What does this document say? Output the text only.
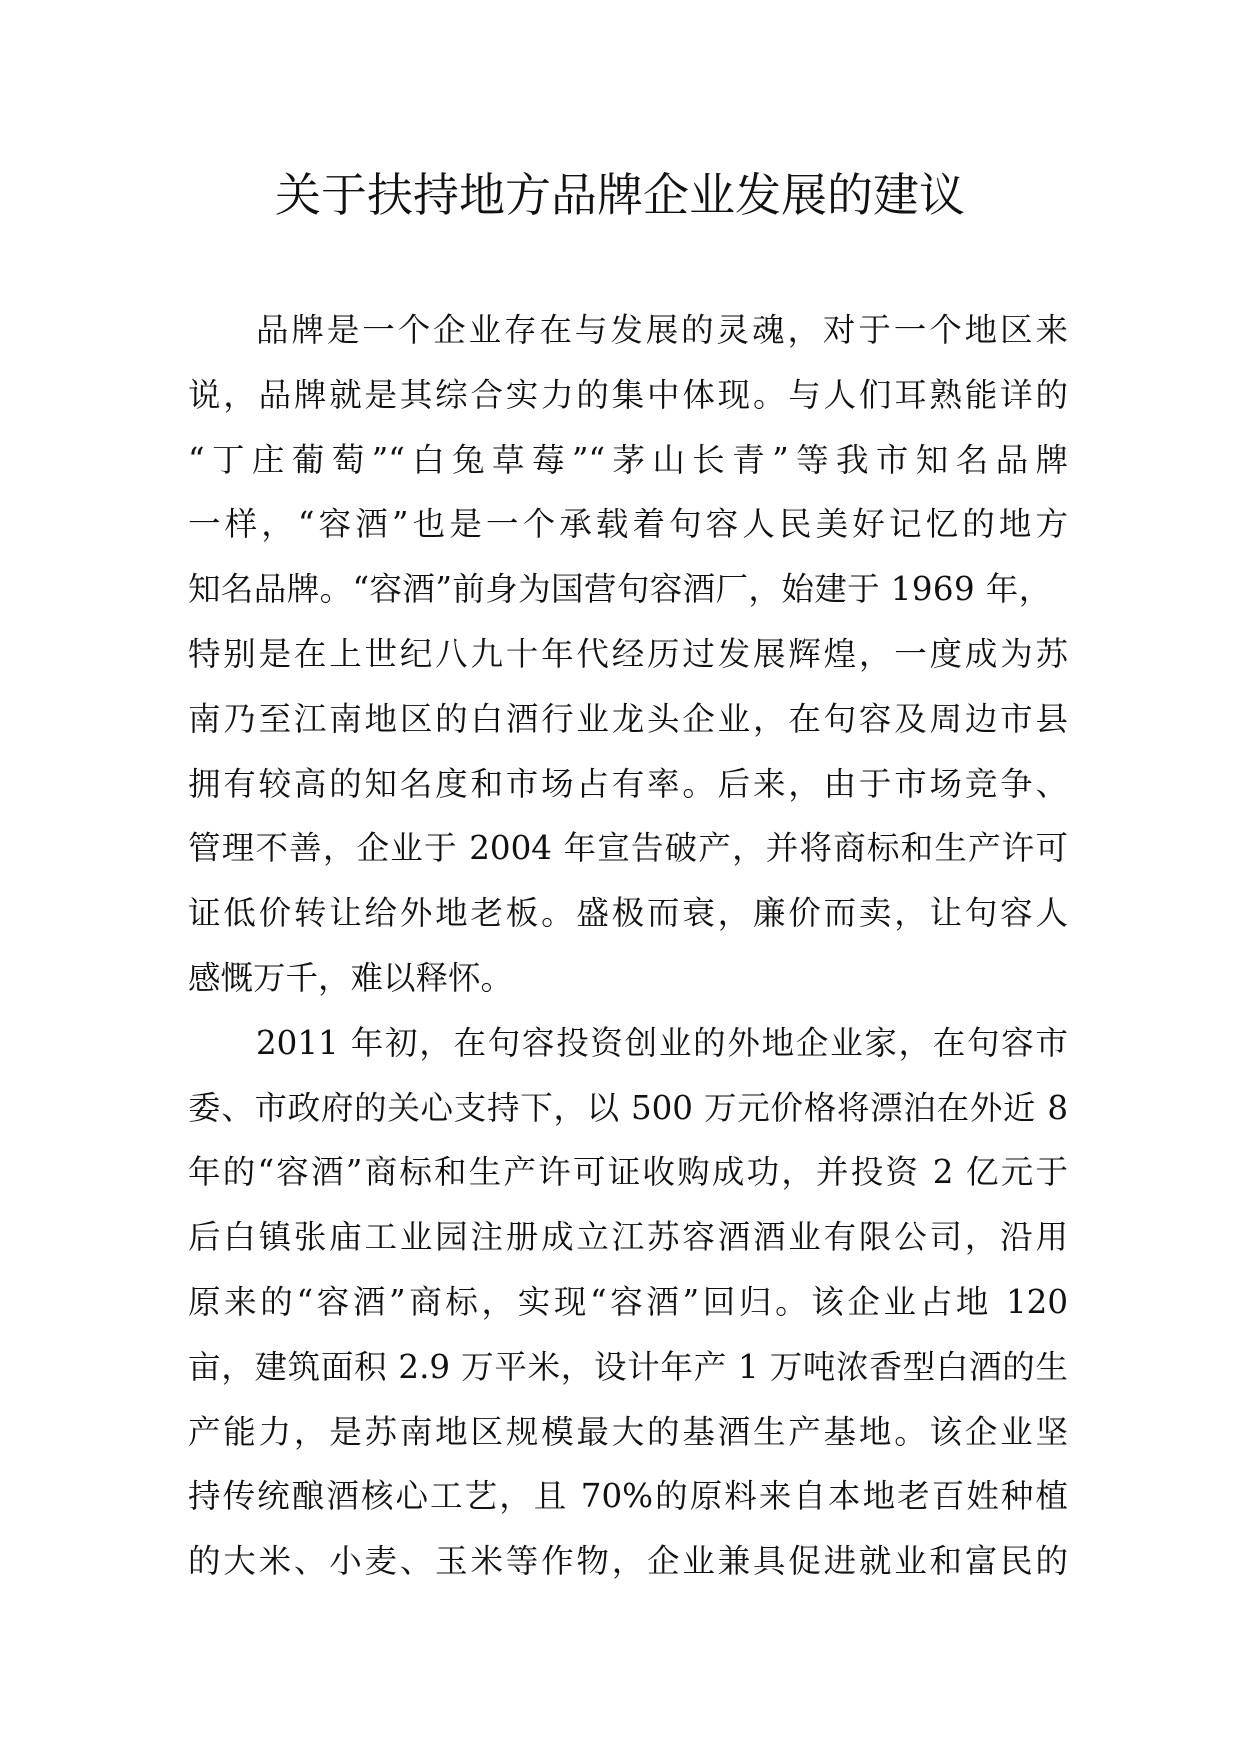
关于扶持地方品牌企业发展的建议
品牌是一个企业存在与发展的灵魂，对于一个地区来
说，品牌就是其综合实力的集中体现。与人们耳熟能详的
“丁庄葡萄”“白兔草莓”“茅山长青”等我市知名品牌
一样，“容酒”也是一个承载着句容人民美好记忆的地方
知名品牌。“容酒”前身为国营句容酒厂，始建于 1969 年，
特别是在上世纪八九十年代经历过发展辉煌，一度成为苏
南乃至江南地区的白酒行业龙头企业，在句容及周边市县
拥有较高的知名度和市场占有率。后来，由于市场竞争、
管理不善，企业于 2004 年宣告破产，并将商标和生产许可
证低价转让给外地老板。盛极而衰，廉价而卖，让句容人
感慨万千，难以释怀。
2011 年初，在句容投资创业的外地企业家，在句容市
委、市政府的关心支持下，以 500 万元价格将漂泊在外近 8
年的“容酒”商标和生产许可证收购成功，并投资 2 亿元于
后白镇张庙工业园注册成立江苏容酒酒业有限公司，沿用
原来的“容酒”商标，实现“容酒”回归。该企业占地 120
亩，建筑面积 2.9 万平米，设计年产 1 万吨浓香型白酒的生
产能力，是苏南地区规模最大的基酒生产基地。该企业坚
持传统酿酒核心工艺，且 70%的原料来自本地老百姓种植
的大米、小麦、玉米等作物，企业兼具促进就业和富民的
